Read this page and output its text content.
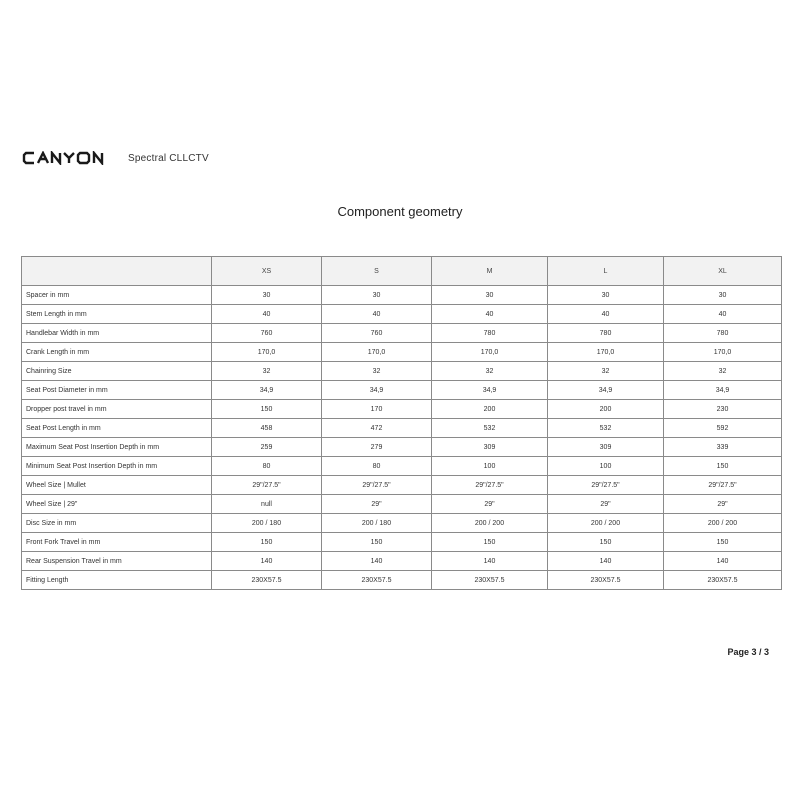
Spectral CLLCTV
Component geometry
	XS	S	M	L	XL
Spacer in mm	30	30	30	30	30
Stem Length in mm	40	40	40	40	40
Handlebar Width in mm	760	760	780	780	780
Crank Length in mm	170,0	170,0	170,0	170,0	170,0
Chainring Size	32	32	32	32	32
Seat Post Diameter in mm	34,9	34,9	34,9	34,9	34,9
Dropper post travel in mm	150	170	200	200	230
Seat Post Length in mm	458	472	532	532	592
Maximum Seat Post Insertion Depth in mm	259	279	309	309	339
Minimum Seat Post Insertion Depth in mm	80	80	100	100	150
Wheel Size | Mullet	29"/27.5"	29"/27.5"	29"/27.5"	29"/27.5"	29"/27.5"
Wheel Size | 29"	null	29"	29"	29"	29"
Disc Size in mm	200 / 180	200 / 180	200 / 200	200 / 200	200 / 200
Front Fork Travel in mm	150	150	150	150	150
Rear Suspension Travel in mm	140	140	140	140	140
Fitting Length	230X57.5	230X57.5	230X57.5	230X57.5	230X57.5
Page 3 / 3
